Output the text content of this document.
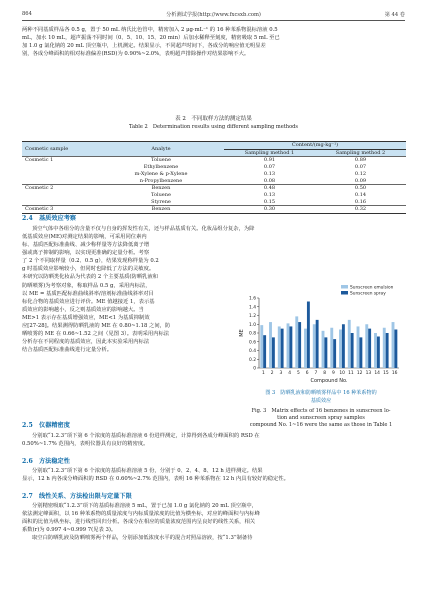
864	分析测试学报(http://www.fxcsxb.com)	第 44 卷
两种不同基质样品各 0.5 g，置于 50 mL 纳氏比色管中，精密加入 2 μg·mL⁻¹ 的 16 种苯系物混标溶液 0.5
mL，加水 10 mL，超声振荡不同时间（0、5、10、15、20 min）后加水稀释至刻度，精密吸取 5 mL 至已
加 1.0 g 氯化钠的 20 mL 顶空瓶中，上机测定。结果显示，不同超声时间下，各成分的响应值无明显差
别，各成分峰面积的相对标准偏差(RSD)为 0.90%~2.0%，表明超声排除操作对结果影响不大。
表 2　不同取样方法的测定结果
Table 2　Determination results using different sampling methods
Cosmetic sample	Analyte	Content/(mg·kg⁻¹)	
		Sampling method 1	Sampling method 2
Cosmetic 1	Toluene	0.91	0.89
	Ethylbenzene	0.07	0.07
	m-Xylene & p-Xylene	0.13	0.12
	n-Propylbenzene	0.08	0.09
Cosmetic 2	Benzen	0.48	0.50
	Toluene	0.13	0.14
	Styrene	0.15	0.16
Cosmetic 3	Benzen	0.30	0.32
2.4　基质效应考察
顶空气体中各组分的含量不仅与自身的挥发性有关，还与样品基质有关。化妆品组分复杂，为降
低基质效应(ME)对测定结果的影响，可采用同位素内
标、基质匹配标准曲线、减少称样量等方法降低离子增
强或离子抑制的影响，以实现更准确的定量分析。考察
了 2 个不同取样量（0.2、0.5 g），结果发现称样量为 0.2
g 时基质效应影响较小，但同时也降低了方法的灵敏度。
本研究以防晒类化妆品为代表的 2 个主要基质(防晒乳液和
防晒喷雾)为考察对象，称取样品 0.5 g，采用内标法，
以 ME = 基质匹配标准曲线斜率/溶剂标准曲线斜率对目
标化合物的基质效应进行评价。ME 值越接近 1，表示基
质效应的影响越小，反之则基质效应的影响越大。当
ME>1 表示存在基质增强效应，ME<1 为基质抑制效
应[27-28]。结果测得防晒乳液的 ME 在 0.80~1.18 之间，防
晒喷雾的 ME 在 0.66~1.52 之间（见图 3）。表明采用内标法
分析存在不同程度的基质效应，因此本实验采用内标法
结合基质匹配标准曲线进行定量分析。
0
0.2
0.4
0.6
0.8
1.0
1.2
1.4
1.6
1 2 3 4 5 6 7 8 9 10 11 12 13 14 15 16
ME
Compound No.
Sunscreen emulsion
Sunscreen spray
图 3　防晒乳液和防晒喷雾样品中 16 种苯系物的
基质效应
Fig. 3　Matrix effects of 16 benzenes in sunscreen lo-
tion and sunscreen spray samples
compound No. 1~16 were the same as those in Table 1
2.5　仪器精密度
分别取“1.2.3”项下第 6 个浓度的基质标准溶液 6 份进样测定，计算得到各成分峰面积的 RSD 在
0.50%~1.7% 范围内，表明仪器具有良好的精密度。
2.6　方法稳定性
分别取“1.2.3”项下第 6 个浓度的基质标准溶液 5 份，分别于 0、2、4、8、12 h 进样测定。结果
显示，12 h 内各成分峰面积的 RSD 在 0.60%~2.7% 范围内，表明 16 种苯系物在 12 h 内具有较好的稳定性。
2.7　线性关系、方法检出限与定量下限
分别精密吸取“1.2.3”项下的基质标准溶液 5 mL，置于已加 1.0 g 氯化钠的 20 mL 顶空瓶中，
依法测定峰面积，以 16 种苯系物的质量浓度与内标质量浓度的比值为横坐标，对应的峰面积与内标峰
面积的比值为纵坐标，进行线性回归分析。各成分在相应的质量浓度范围内呈良好的线性关系，相关
系数(r)为 0.997 4~0.999 7(见表 3)。
取空白防晒乳液及防晒喷雾两个样品，分别添加低浓度水平的混合对照品溶液，按“1.3”制备待
